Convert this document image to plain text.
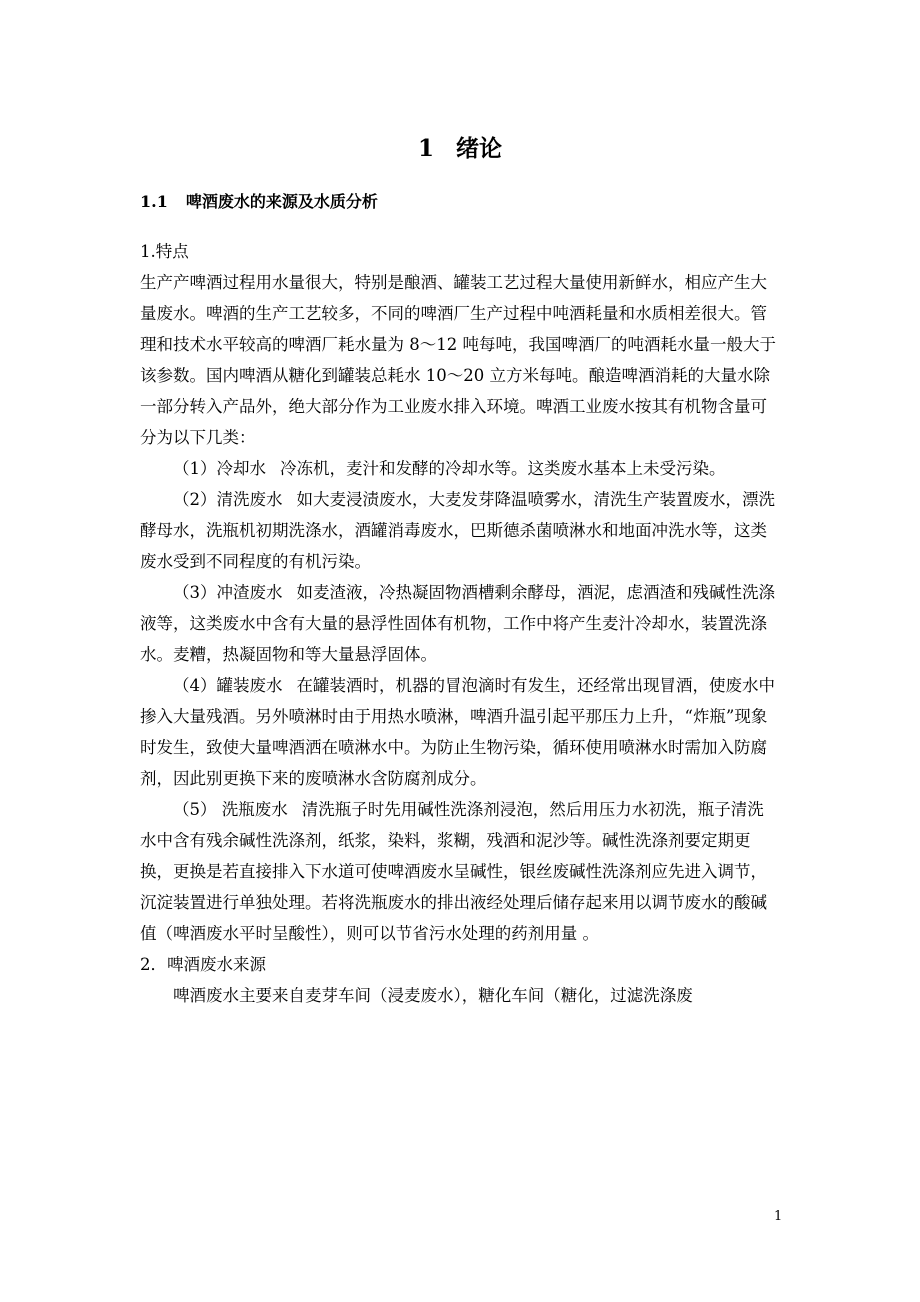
1 绪论
1.1 啤酒废水的来源及水质分析

1.特点

生产产啤酒过程用水量很大，特别是酿酒、罐装工艺过程大量使用新鲜水，相应产生大量废水。啤酒的生产工艺较多，不同的啤酒厂生产过程中吨酒耗量和水质相差很大。管理和技术水平较高的啤酒厂耗水量为 8～12 吨每吨，我国啤酒厂的吨酒耗水量一般大于该参数。国内啤酒从糖化到罐装总耗水 10～20 立方米每吨。酿造啤酒消耗的大量水除一部分转入产品外，绝大部分作为工业废水排入环境。啤酒工业废水按其有机物含量可分为以下几类：

（1）冷却水 冷冻机，麦汁和发酵的冷却水等。这类废水基本上未受污染。

（2）清洗废水 如大麦浸渍废水，大麦发芽降温喷雾水，清洗生产装置废水，漂洗酵母水，洗瓶机初期洗涤水，酒罐消毒废水，巴斯德杀菌喷淋水和地面冲洗水等，这类废水受到不同程度的有机污染。

（3）冲渣废水 如麦渣液，冷热凝固物酒槽剩余酵母，酒泥，虑酒渣和残碱性洗涤液等，这类废水中含有大量的悬浮性固体有机物，工作中将产生麦汁冷却水，装置洗涤水。麦糟，热凝固物和等大量悬浮固体。

（4）罐装废水 在罐装酒时，机器的冒泡滴时有发生，还经常出现冒酒，使废水中掺入大量残酒。另外喷淋时由于用热水喷淋，啤酒升温引起平那压力上升，“炸瓶”现象时发生，致使大量啤酒洒在喷淋水中。为防止生物污染，循环使用喷淋水时需加入防腐剂，因此别更换下来的废喷淋水含防腐剂成分。

（5） 洗瓶废水 清洗瓶子时先用碱性洗涤剂浸泡，然后用压力水初洗，瓶子清洗水中含有残余碱性洗涤剂，纸浆，染料，浆糊，残酒和泥沙等。碱性洗涤剂要定期更换，更换是若直接排入下水道可使啤酒废水呈碱性，银丝废碱性洗涤剂应先进入调节，沉淀装置进行单独处理。若将洗瓶废水的排出液经处理后储存起来用以调节废水的酸碱值（啤酒废水平时呈酸性），则可以节省污水处理的药剂用量 。

2．啤酒废水来源

啤酒废水主要来自麦芽车间（浸麦废水），糖化车间（糖化，过滤洗涤废

1
